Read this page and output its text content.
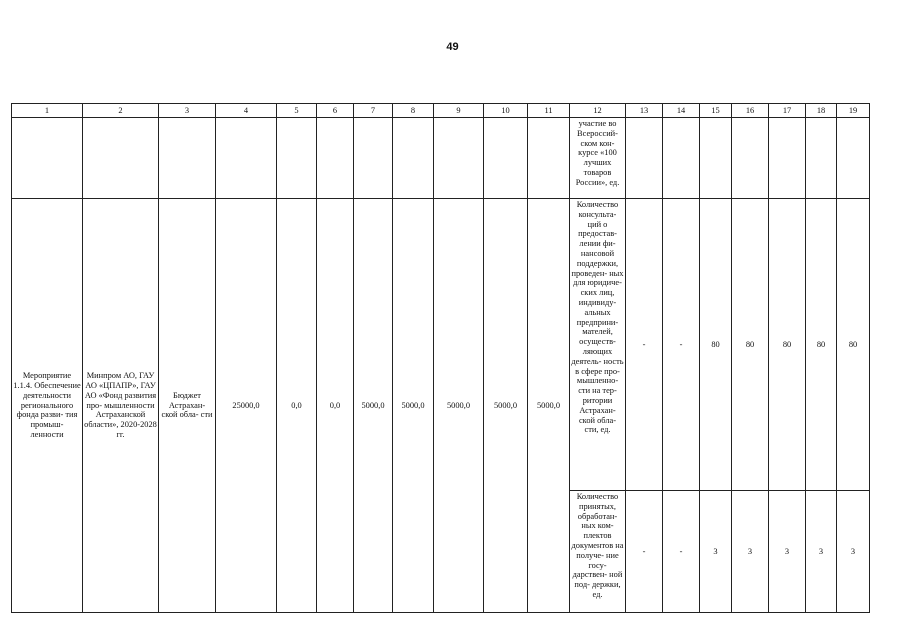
49
1	2	3	4	5	6	7	8	9	10	11	12	13	14	15	16	17	18	19
											участие во Всероссий- ском кон- курсе «100 лучших товаров России», ед.							
Мероприятие 1.1.4. Обеспечение деятельности регионального фонда разви- тия промыш- ленности	Минпром АО, ГАУ АО «ЦПАПР», ГАУ АО «Фонд развития про- мышленности Астраханской области», 2020-2028 гг.	Бюджет Астрахан- ской обла- сти	25000,0	0,0	0,0	5000,0	5000,0	5000,0	5000,0	5000,0	Количество консульта- ций о предостав- лении фи- нансовой поддержки, проведен- ных для юридиче- ских лиц, индивиду- альных предприни- мателей, осуществ- ляющих деятель- ность в сфере про- мышленно- сти на тер- ритории Астрахан- ской обла- сти, ед.	-	-	80	80	80	80	80
											Количество принятых, обработан- ных ком- плектов документов на получе- ние госу- дарствен- ной под- держки, ед.	-	-	3	3	3	3	3
